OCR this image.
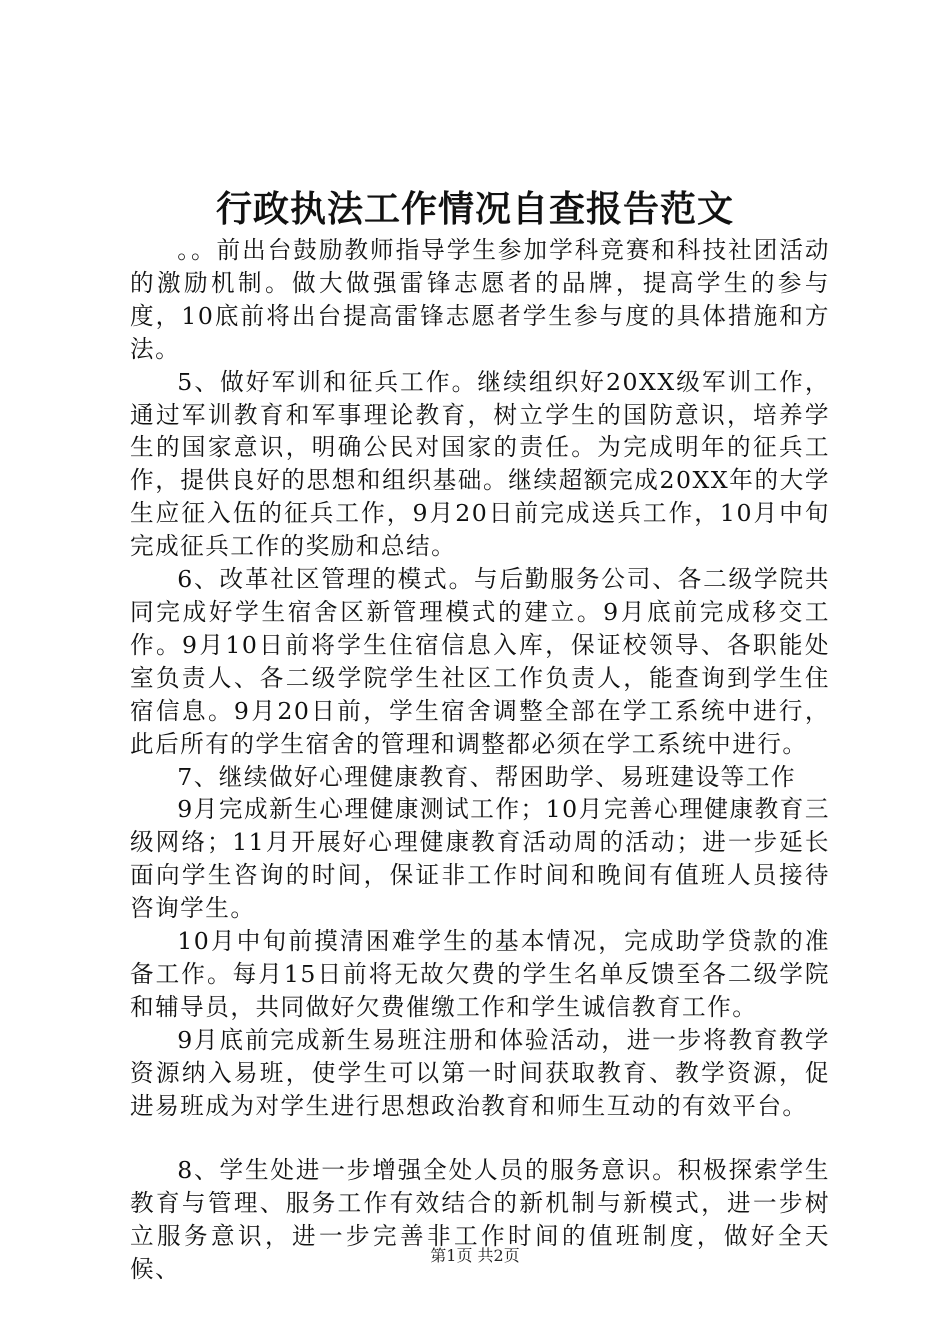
行政执法工作情况自查报告范文

。。前出台鼓励教师指导学生参加学科竞赛和科技社团活动的激励机制。做大做强雷锋志愿者的品牌，提高学生的参与度，10底前将出台提高雷锋志愿者学生参与度的具体措施和方法。

5、做好军训和征兵工作。继续组织好20XX级军训工作，通过军训教育和军事理论教育，树立学生的国防意识，培养学生的国家意识，明确公民对国家的责任。为完成明年的征兵工作，提供良好的思想和组织基础。继续超额完成20XX年的大学生应征入伍的征兵工作，9月20日前完成送兵工作，10月中旬完成征兵工作的奖励和总结。

6、改革社区管理的模式。与后勤服务公司、各二级学院共同完成好学生宿舍区新管理模式的建立。9月底前完成移交工作。9月10日前将学生住宿信息入库，保证校领导、各职能处室负责人、各二级学院学生社区工作负责人，能查询到学生住宿信息。9月20日前，学生宿舍调整全部在学工系统中进行，此后所有的学生宿舍的管理和调整都必须在学工系统中进行。

7、继续做好心理健康教育、帮困助学、易班建设等工作

9月完成新生心理健康测试工作；10月完善心理健康教育三级网络；11月开展好心理健康教育活动周的活动；进一步延长面向学生咨询的时间，保证非工作时间和晚间有值班人员接待咨询学生。

10月中旬前摸清困难学生的基本情况，完成助学贷款的准备工作。每月15日前将无故欠费的学生名单反馈至各二级学院和辅导员，共同做好欠费催缴工作和学生诚信教育工作。

9月底前完成新生易班注册和体验活动，进一步将教育教学资源纳入易班，使学生可以第一时间获取教育、教学资源，促进易班成为对学生进行思想政治教育和师生互动的有效平台。

8、学生处进一步增强全处人员的服务意识。积极探索学生教育与管理、服务工作有效结合的新机制与新模式，进一步树立服务意识，进一步完善非工作时间的值班制度，做好全天候、	第1页 共2页
